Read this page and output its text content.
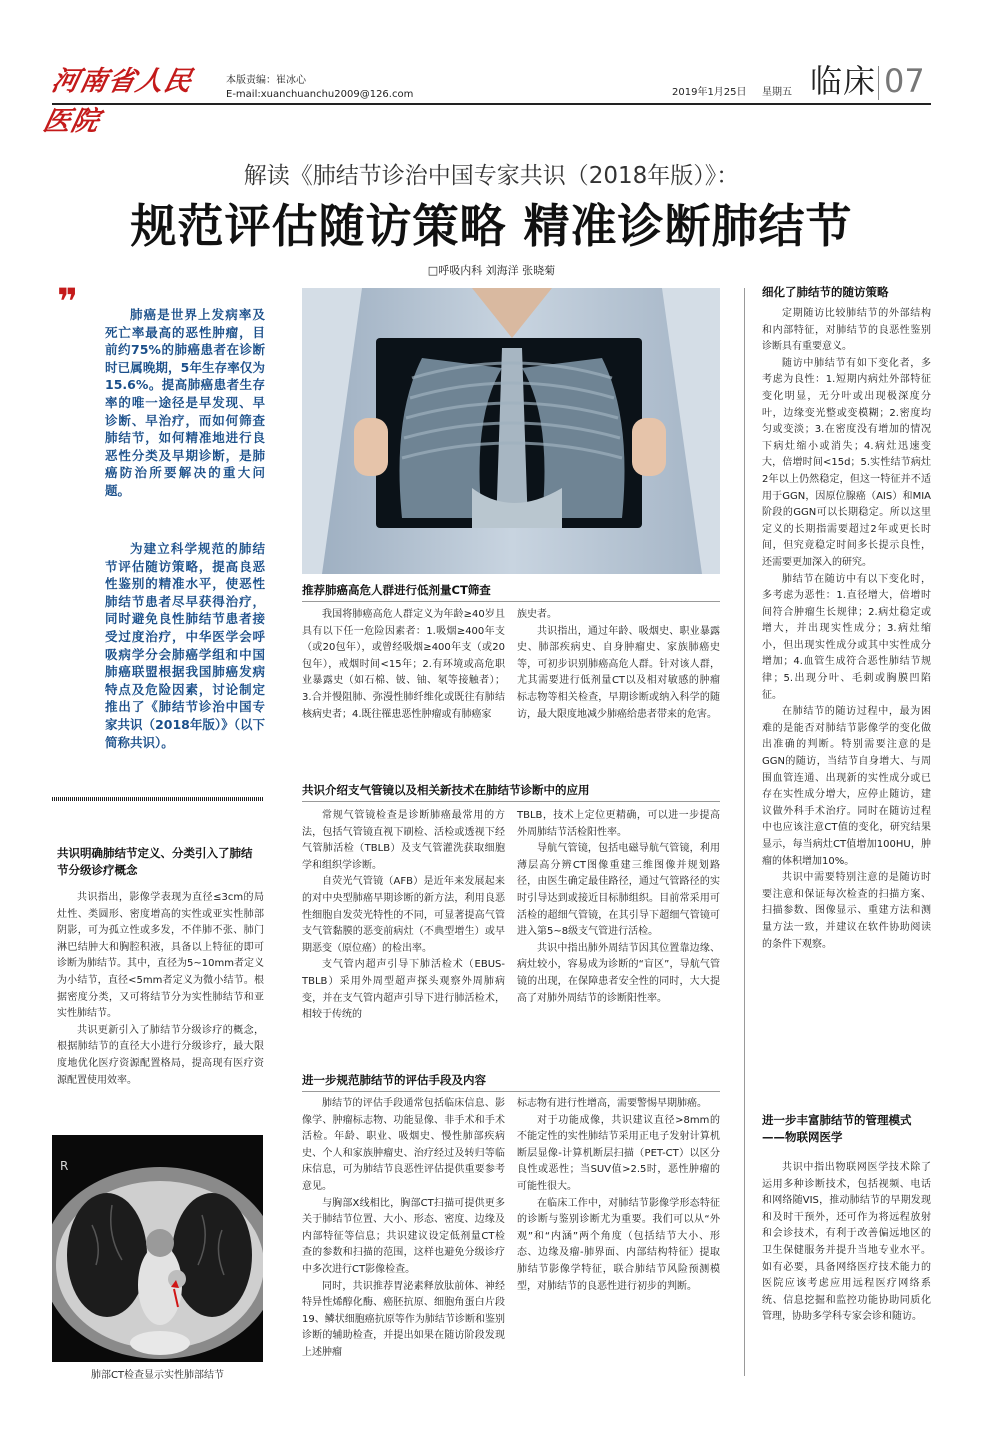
河南省人民医院
本版责编：崔冰心
E-mail:xuanchuanchu2009@126.com	2019年1月25日 星期五 临床 07
解读《肺结节诊治中国专家共识（2018年版）》：
规范评估随访策略 精准诊断肺结节
□呼吸内科 刘海洋 张晓菊
❜❜	肺癌是世界上发病率及死亡率最高的恶性肿瘤，目前约75%的肺癌患者在诊断时已属晚期，5年生存率仅为15.6%。提高肺癌患者生存率的唯一途径是早发现、早诊断、早治疗，而如何筛查肺结节，如何精准地进行良恶性分类及早期诊断，是肺癌防治所要解决的重大问题。

为建立科学规范的肺结节评估随访策略，提高良恶性鉴别的精准水平，使恶性肺结节患者尽早获得治疗，同时避免良性肺结节患者接受过度治疗，中华医学会呼吸病学分会肺癌学组和中国肺癌联盟根据我国肺癌发病特点及危险因素，讨论制定推出了《肺结节诊治中国专家共识（2018年版）》（以下简称共识）。

共识明确肺结节定义、分类引入了肺结节分级诊疗概念

共识指出，影像学表现为直径≤3cm的局灶性、类圆形、密度增高的实性或亚实性肺部阴影，可为孤立性或多发，不伴肺不张、肺门淋巴结肿大和胸腔积液，具备以上特征的即可诊断为肺结节。其中，直径为5~10mm者定义为小结节，直径<5mm者定义为微小结节。根据密度分类，又可将结节分为实性肺结节和亚实性肺结节。

共识更新引入了肺结节分级诊疗的概念，根据肺结节的直径大小进行分级诊疗，最大限度地优化医疗资源配置格局，提高现有医疗资源配置使用效率。

R
肺部CT检查显示实性肺部结节
推荐肺癌高危人群进行低剂量CT筛查

我国将肺癌高危人群定义为年龄≥40岁且具有以下任一危险因素者：1.吸烟≥400年支（或20包年），或曾经吸烟≥400年支（或20包年），戒烟时间<15年；2.有环境或高危职业暴露史（如石棉、铍、铀、氡等接触者）；3.合并慢阻肺、弥漫性肺纤维化或既往有肺结核病史者；4.既往罹患恶性肿瘤或有肺癌家

族史者。

共识指出，通过年龄、吸烟史、职业暴露史、肺部疾病史、自身肿瘤史、家族肺癌史等，可初步识别肺癌高危人群。针对该人群，尤其需要进行低剂量CT以及相对敏感的肿瘤标志物等相关检查，早期诊断或纳入科学的随访，最大限度地减少肺癌给患者带来的危害。

共识介绍支气管镜以及相关新技术在肺结节诊断中的应用

常规气管镜检查是诊断肺癌最常用的方法，包括气管镜直视下刷检、活检或透视下经气管肺活检（TBLB）及支气管灌洗获取细胞学和组织学诊断。

自荧光气管镜（AFB）是近年来发展起来的对中央型肺癌早期诊断的新方法，利用良恶性细胞自发荧光特性的不同，可显著提高气管支气管黏膜的恶变前病灶（不典型增生）或早期恶变（原位癌）的检出率。

支气管内超声引导下肺活检术（EBUS-TBLB）采用外周型超声探头观察外周肺病变，并在支气管内超声引导下进行肺活检术，相较于传统的

TBLB，技术上定位更精确，可以进一步提高外周肺结节活检阳性率。

导航气管镜，包括电磁导航气管镜，利用薄层高分辨CT图像重建三维图像并规划路径，由医生确定最佳路径，通过气管路径的实时引导达到或接近目标肺组织。目前常采用可活检的超细气管镜，在其引导下超细气管镜可进入第5~8级支气管进行活检。

共识中指出肺外周结节因其位置靠边缘、病灶较小，容易成为诊断的“盲区”，导航气管镜的出现，在保障患者安全性的同时，大大提高了对肺外周结节的诊断阳性率。

进一步规范肺结节的评估手段及内容

肺结节的评估手段通常包括临床信息、影像学、肿瘤标志物、功能显像、非手术和手术活检。年龄、职业、吸烟史、慢性肺部疾病史、个人和家族肿瘤史、治疗经过及转归等临床信息，可为肺结节良恶性评估提供重要参考意见。

与胸部X线相比，胸部CT扫描可提供更多关于肺结节位置、大小、形态、密度、边缘及内部特征等信息；共识建议设定低剂量CT检查的参数和扫描的范围，这样也避免分级诊疗中多次进行CT影像检查。

同时，共识推荐胃泌素释放肽前体、神经特异性烯醇化酶、癌胚抗原、细胞角蛋白片段19、鳞状细胞癌抗原等作为肺结节诊断和鉴别诊断的辅助检查，并提出如果在随访阶段发现上述肿瘤

标志物有进行性增高，需要警惕早期肺癌。

对于功能成像，共识建议直径>8mm的不能定性的实性肺结节采用正电子发射计算机断层显像-计算机断层扫描（PET-CT）以区分良性或恶性；当SUV值>2.5时，恶性肿瘤的可能性很大。

在临床工作中，对肺结节影像学形态特征的诊断与鉴别诊断尤为重要。我们可以从“外观”和“内涵”两个角度（包括结节大小、形态、边缘及瘤-肺界面、内部结构特征）提取肺结节影像学特征，联合肺结节风险预测模型，对肺结节的良恶性进行初步的判断。

细化了肺结节的随访策略

定期随访比较肺结节的外部结构和内部特征，对肺结节的良恶性鉴别诊断具有重要意义。

随访中肺结节有如下变化者，多考虑为良性：1.短期内病灶外部特征变化明显，无分叶或出现极深度分叶，边缘变光整或变模糊；2.密度均匀或变淡；3.在密度没有增加的情况下病灶缩小或消失；4.病灶迅速变大，倍增时间<15d；5.实性结节病灶2年以上仍然稳定，但这一特征并不适用于GGN，因原位腺癌（AIS）和MIA阶段的GGN可以长期稳定。所以这里定义的长期指需要超过2年或更长时间，但究竟稳定时间多长提示良性，还需要更加深入的研究。

肺结节在随访中有以下变化时，多考虑为恶性：1.直径增大，倍增时间符合肿瘤生长规律；2.病灶稳定或增大，并出现实性成分；3.病灶缩小，但出现实性成分或其中实性成分增加；4.血管生成符合恶性肺结节规律；5.出现分叶、毛刺或胸膜凹陷征。

在肺结节的随访过程中，最为困难的是能否对肺结节影像学的变化做出准确的判断。特别需要注意的是GGN的随访，当结节自身增大、与周围血管连通、出现新的实性成分或已存在实性成分增大，应停止随访，建议做外科手术治疗。同时在随访过程中也应该注意CT值的变化，研究结果显示，每当病灶CT值增加100HU，肿瘤的体积增加10%。

共识中需要特别注意的是随访时要注意和保证每次检查的扫描方案、扫描参数、图像显示、重建方法和测量方法一致，并建议在软件协助阅读的条件下观察。

进一步丰富肺结节的管理模式——物联网医学

共识中指出物联网医学技术除了运用多种诊断技术，包括视频、电话和网络随VIS，推动肺结节的早期发现和及时干预外，还可作为将远程放射和会诊技术，有利于改善偏远地区的卫生保健服务并提升当地专业水平。如有必要，具备网络医疗技术能力的医院应该考虑应用远程医疗网络系统、信息挖掘和监控功能协助同质化管理，协助多学科专家会诊和随访。
